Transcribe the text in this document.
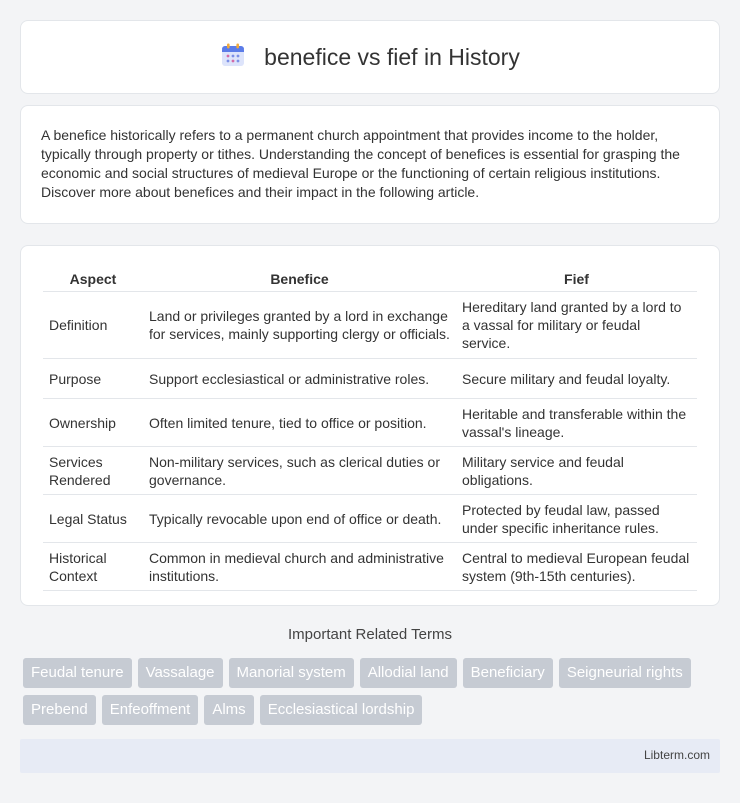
benefice vs fief in History

A benefice historically refers to a permanent church appointment that provides income to the holder, typically through property or tithes. Understanding the concept of benefices is essential for grasping the economic and social structures of medieval Europe or the functioning of certain religious institutions. Discover more about benefices and their impact in the following article.

Aspect	Benefice	Fief
Definition	Land or privileges granted by a lord in exchange for services, mainly supporting clergy or officials.	Hereditary land granted by a lord to a vassal for military or feudal service.
Purpose	Support ecclesiastical or administrative roles.	Secure military and feudal loyalty.
Ownership	Often limited tenure, tied to office or position.	Heritable and transferable within the vassal's lineage.
Services Rendered	Non-military services, such as clerical duties or governance.	Military service and feudal obligations.
Legal Status	Typically revocable upon end of office or death.	Protected by feudal law, passed under specific inheritance rules.
Historical Context	Common in medieval church and administrative institutions.	Central to medieval European feudal system (9th-15th centuries).
Important Related Terms
Feudal tenure	Vassalage	Manorial system	Allodial land	Beneficiary	Seigneurial rights
Prebend	Enfeoffment	Alms	Ecclesiastical lordship
Libterm.com
